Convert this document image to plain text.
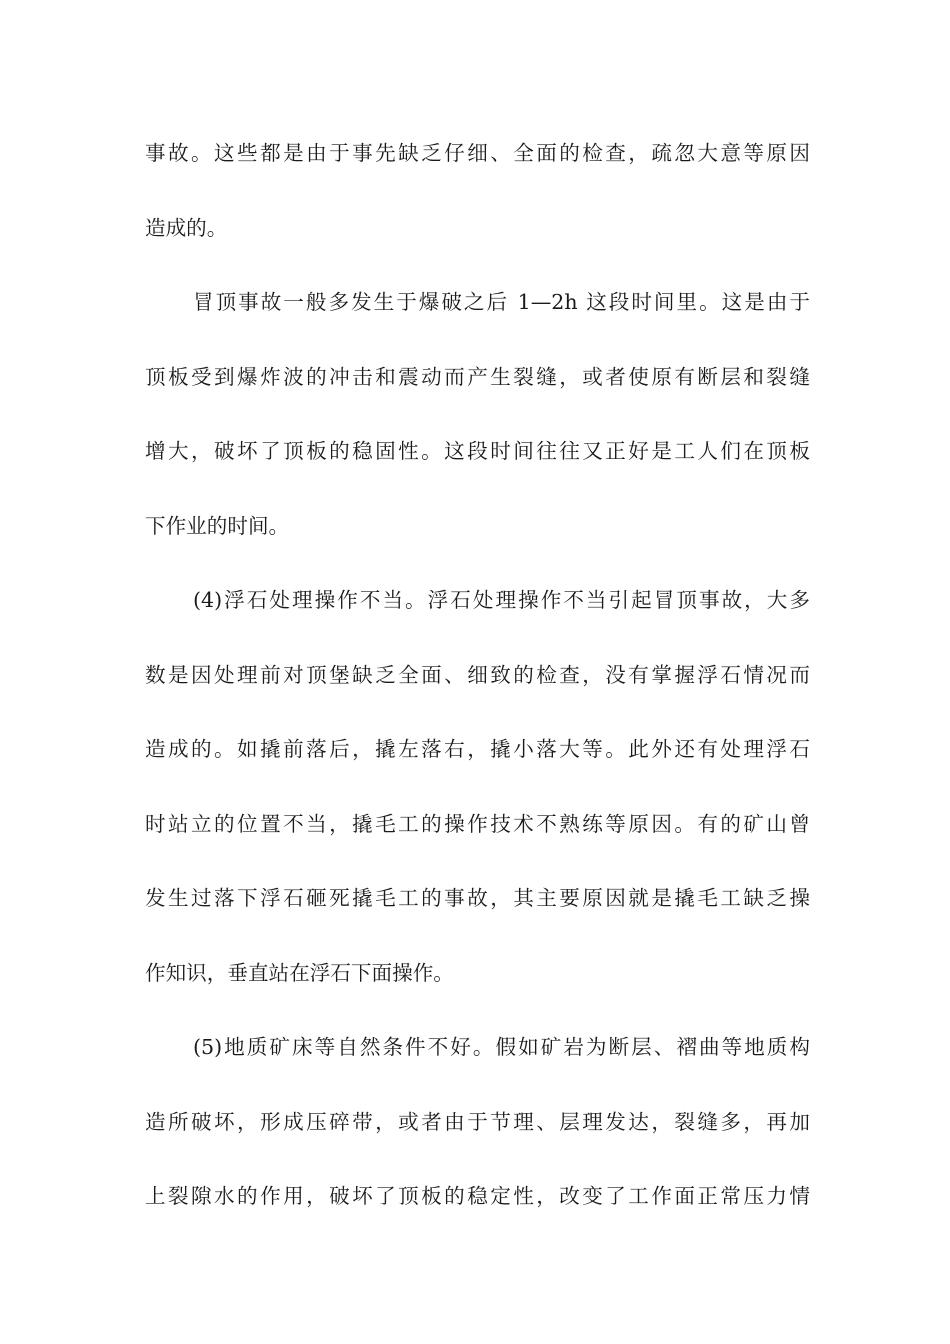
事故。这些都是由于事先缺乏仔细、全面的检查，疏忽大意等原因
造成的。
冒顶事故一般多发生于爆破之后 1—2h 这段时间里。这是由于
顶板受到爆炸波的冲击和震动而产生裂缝，或者使原有断层和裂缝
增大，破坏了顶板的稳固性。这段时间往往又正好是工人们在顶板
下作业的时间。
(4)浮石处理操作不当。浮石处理操作不当引起冒顶事故，大多
数是因处理前对顶堡缺乏全面、细致的检查，没有掌握浮石情况而
造成的。如撬前落后，撬左落右，撬小落大等。此外还有处理浮石
时站立的位置不当，撬毛工的操作技术不熟练等原因。有的矿山曾
发生过落下浮石砸死撬毛工的事故，其主要原因就是撬毛工缺乏操
作知识，垂直站在浮石下面操作。
(5)地质矿床等自然条件不好。假如矿岩为断层、褶曲等地质构
造所破坏，形成压碎带，或者由于节理、层理发达，裂缝多，再加
上裂隙水的作用，破坏了顶板的稳定性，改变了工作面正常压力情
